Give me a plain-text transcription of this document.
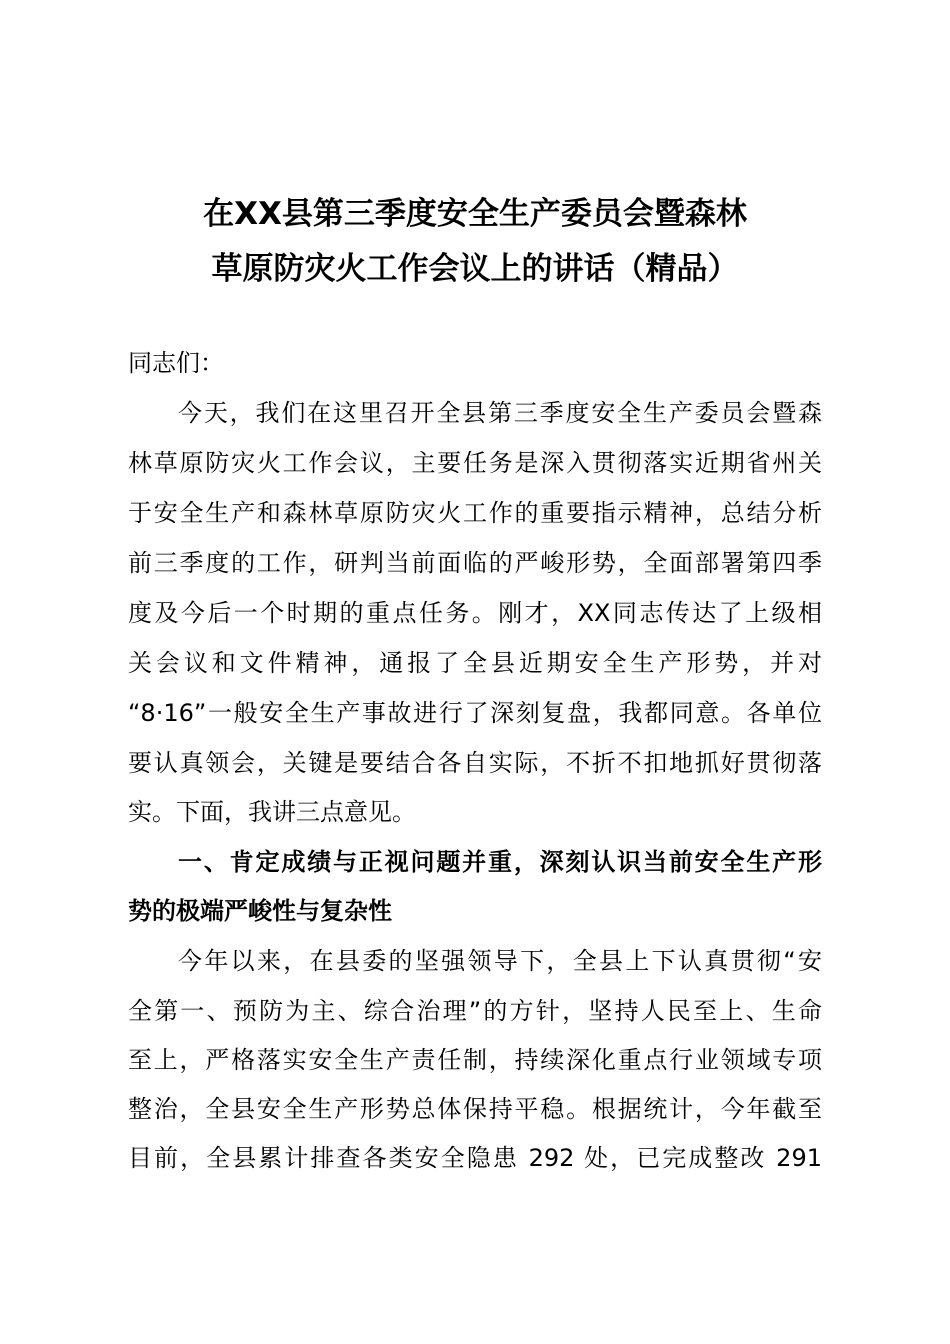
在XX县第三季度安全生产委员会暨森林
草原防灾火工作会议上的讲话（精品）
同志们：
今天，我们在这里召开全县第三季度安全生产委员会暨森
林草原防灾火工作会议，主要任务是深入贯彻落实近期省州关
于安全生产和森林草原防灾火工作的重要指示精神，总结分析
前三季度的工作，研判当前面临的严峻形势，全面部署第四季
度及今后一个时期的重点任务。刚才，XX同志传达了上级相
关会议和文件精神，通报了全县近期安全生产形势，并对
“8·16”一般安全生产事故进行了深刻复盘，我都同意。各单位
要认真领会，关键是要结合各自实际，不折不扣地抓好贯彻落
实。下面，我讲三点意见。
一、肯定成绩与正视问题并重，深刻认识当前安全生产形
势的极端严峻性与复杂性
今年以来，在县委的坚强领导下，全县上下认真贯彻“安
全第一、预防为主、综合治理”的方针，坚持人民至上、生命
至上，严格落实安全生产责任制，持续深化重点行业领域专项
整治，全县安全生产形势总体保持平稳。根据统计，今年截至
目前，全县累计排查各类安全隐患 292 处，已完成整改 291
